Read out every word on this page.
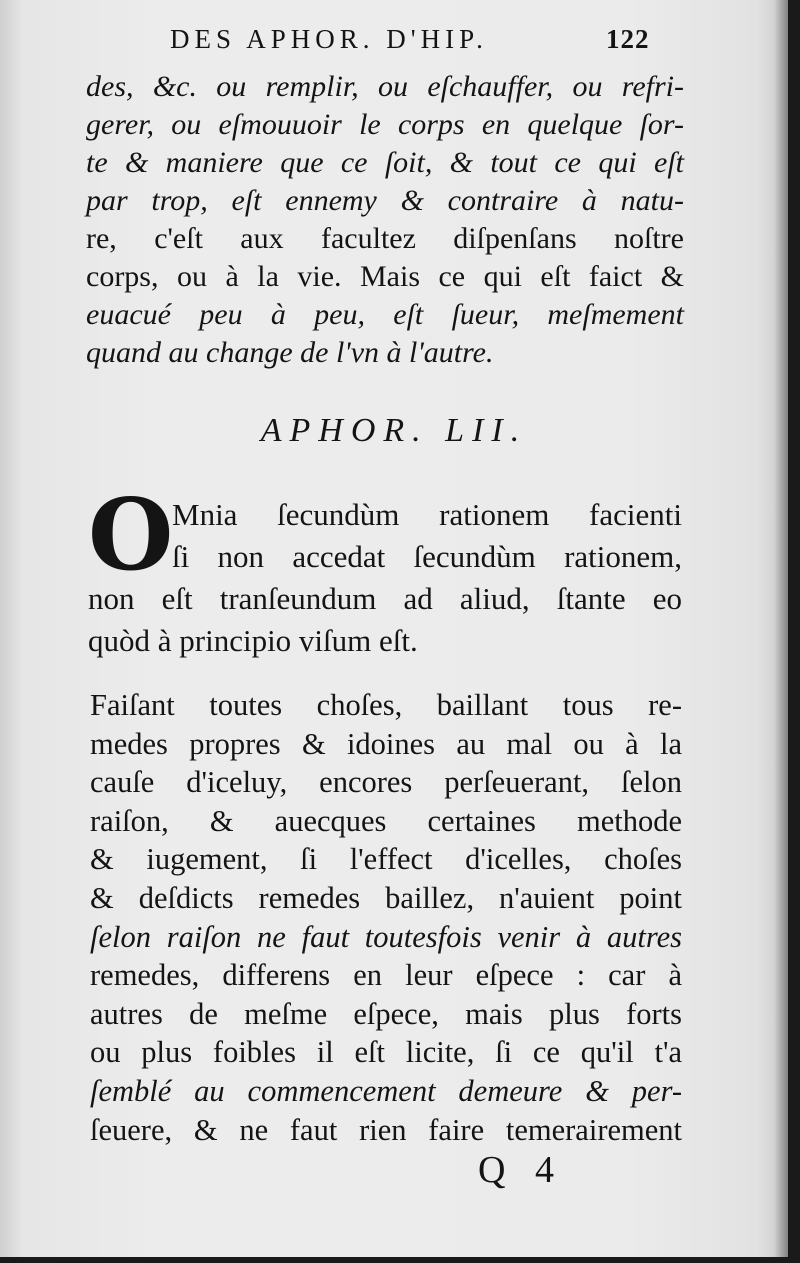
DES APHOR. D'HIP.	122
des, &c. ou remplir, ou eſchauffer, ou refri-
gerer, ou eſmouuoir le corps en quelque ſor-
te & maniere que ce ſoit, & tout ce qui eſt
par trop, eſt ennemy & contraire à natu-
re, c'eſt aux facultez diſpenſans noſtre
corps, ou à la vie. Mais ce qui eſt faict &
euacué peu à peu, eſt ſueur, meſmement
quand au change de l'vn à l'autre.
APHOR. LII.
O
Mnia ſecundùm rationem facienti
ſi non accedat ſecundùm rationem,
non eſt tranſeundum ad aliud, ſtante eo
quòd à principio viſum eſt.
Faiſant toutes choſes, baillant tous re-
medes propres & idoines au mal ou à la
cauſe d'iceluy, encores perſeuerant, ſelon
raiſon, & auecques certaines methode
& iugement, ſi l'effect d'icelles, choſes
& deſdicts remedes baillez, n'auient point
ſelon raiſon ne faut toutesfois venir à autres
remedes, differens en leur eſpece : car à
autres de meſme eſpece, mais plus forts
ou plus foibles il eſt licite, ſi ce qu'il t'a
ſemblé au commencement demeure & per-
ſeuere, & ne faut rien faire temerairement
Q 4
